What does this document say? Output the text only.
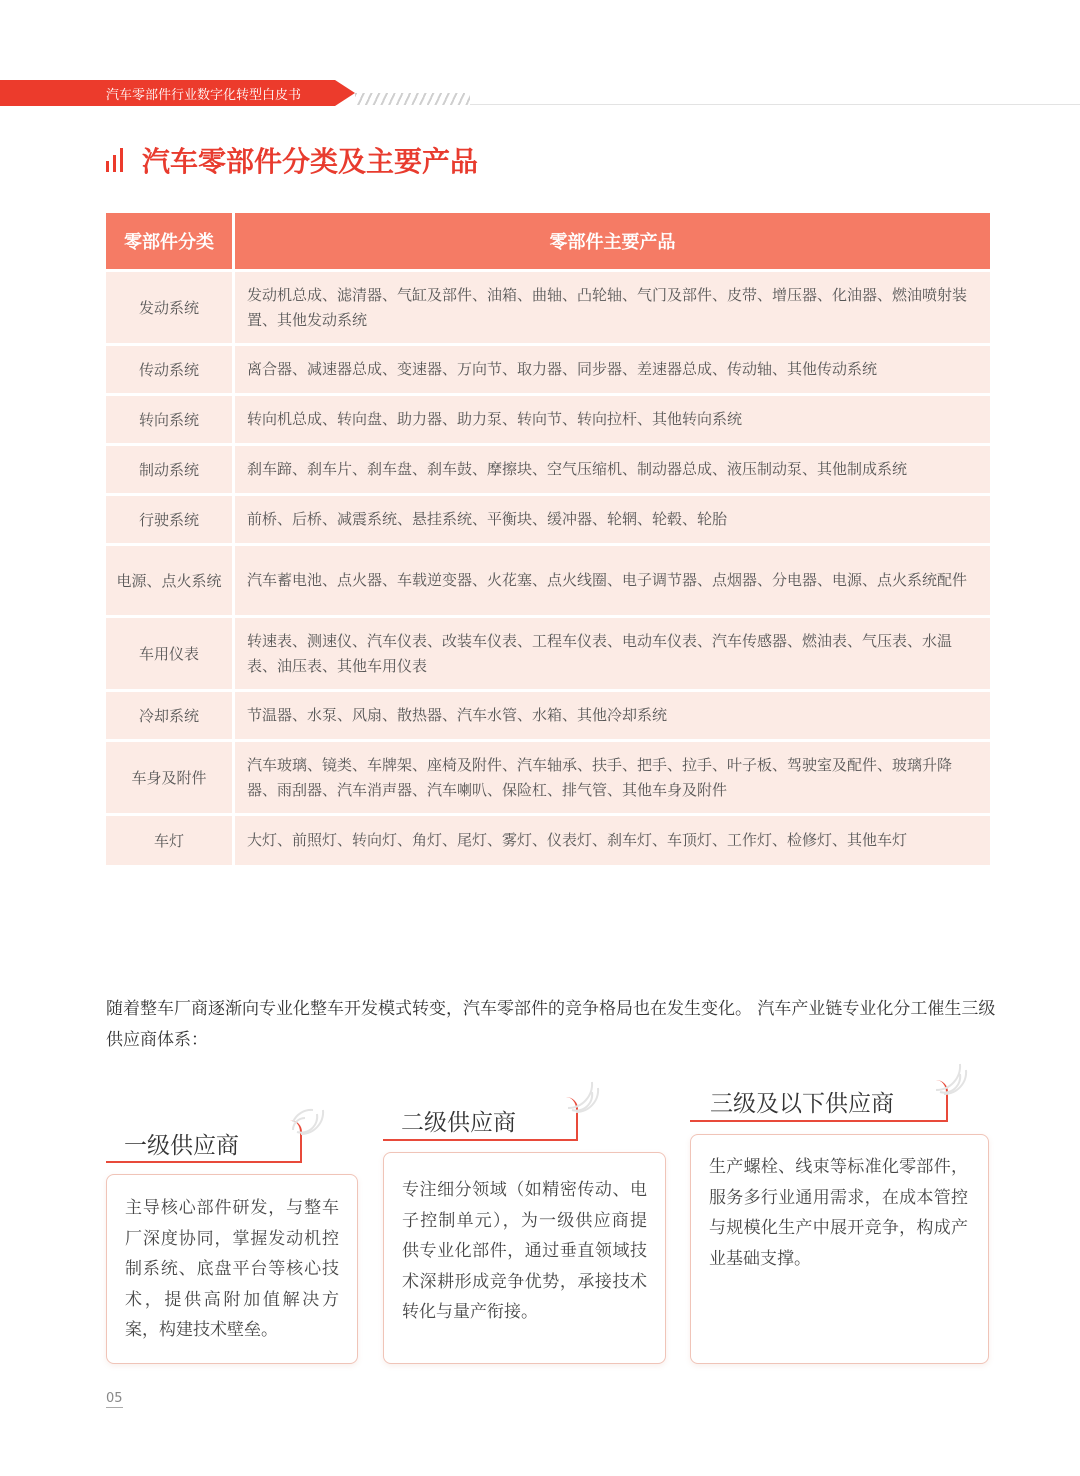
汽车零部件行业数字化转型白皮书
汽车零部件分类及主要产品
零部件分类	零部件主要产品
发动系统	发动机总成、滤清器、气缸及部件、油箱、曲轴、凸轮轴、气门及部件、皮带、增压器、化油器、燃油喷射装置、其他发动系统
传动系统	离合器、减速器总成、变速器、万向节、取力器、同步器、差速器总成、传动轴、其他传动系统
转向系统	转向机总成、转向盘、助力器、助力泵、转向节、转向拉杆、其他转向系统
制动系统	刹车蹄、刹车片、刹车盘、刹车鼓、摩擦块、空气压缩机、制动器总成、液压制动泵、其他制成系统
行驶系统	前桥、后桥、减震系统、悬挂系统、平衡块、缓冲器、轮辋、轮毂、轮胎
电源、点火系统	汽车蓄电池、点火器、车载逆变器、火花塞、点火线圈、电子调节器、点烟器、分电器、电源、点火系统配件
车用仪表	转速表、测速仪、汽车仪表、改装车仪表、工程车仪表、电动车仪表、汽车传感器、燃油表、气压表、水温表、油压表、其他车用仪表
冷却系统	节温器、水泵、风扇、散热器、汽车水管、水箱、其他冷却系统
车身及附件	汽车玻璃、镜类、车牌架、座椅及附件、汽车轴承、扶手、把手、拉手、叶子板、驾驶室及配件、玻璃升降器、雨刮器、汽车消声器、汽车喇叭、保险杠、排气管、其他车身及附件
车灯	大灯、前照灯、转向灯、角灯、尾灯、雾灯、仪表灯、刹车灯、车顶灯、工作灯、检修灯、其他车灯
随着整车厂商逐渐向专业化整车开发模式转变，汽车零部件的竞争格局也在发生变化。 汽车产业链专业化分工催生三级供应商体系：
主导核心部件研发，与整车厂深度协同，掌握发动机控制系统、底盘平台等核心技术，提供高附加值解决方案，构建技术壁垒。
一级供应商
专注细分领域（如精密传动、电子控制单元），为一级供应商提供专业化部件，通过垂直领域技术深耕形成竞争优势，承接技术转化与量产衔接。
二级供应商
生产螺栓、线束等标准化零部件，服务多行业通用需求，在成本管控与规模化生产中展开竞争，构成产业基础支撑。
三级及以下供应商
05
